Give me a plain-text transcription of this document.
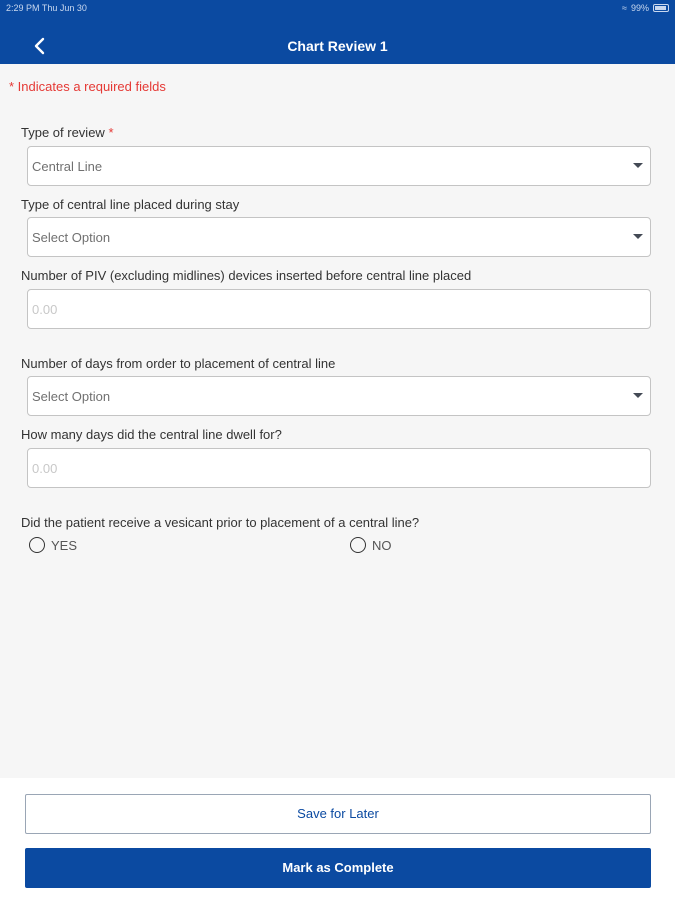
2:29 PM Thu Jun 30	≈ 99%
Chart Review 1
* Indicates a required fields
Type of review *
Central Line
Type of central line placed during stay
Select Option
Number of PIV (excluding midlines) devices inserted before central line placed
0.00
Number of days from order to placement of central line
Select Option
How many days did the central line dwell for?
0.00
Did the patient receive a vesicant prior to placement of a central line?
YES	NO
Save for Later
Mark as Complete
